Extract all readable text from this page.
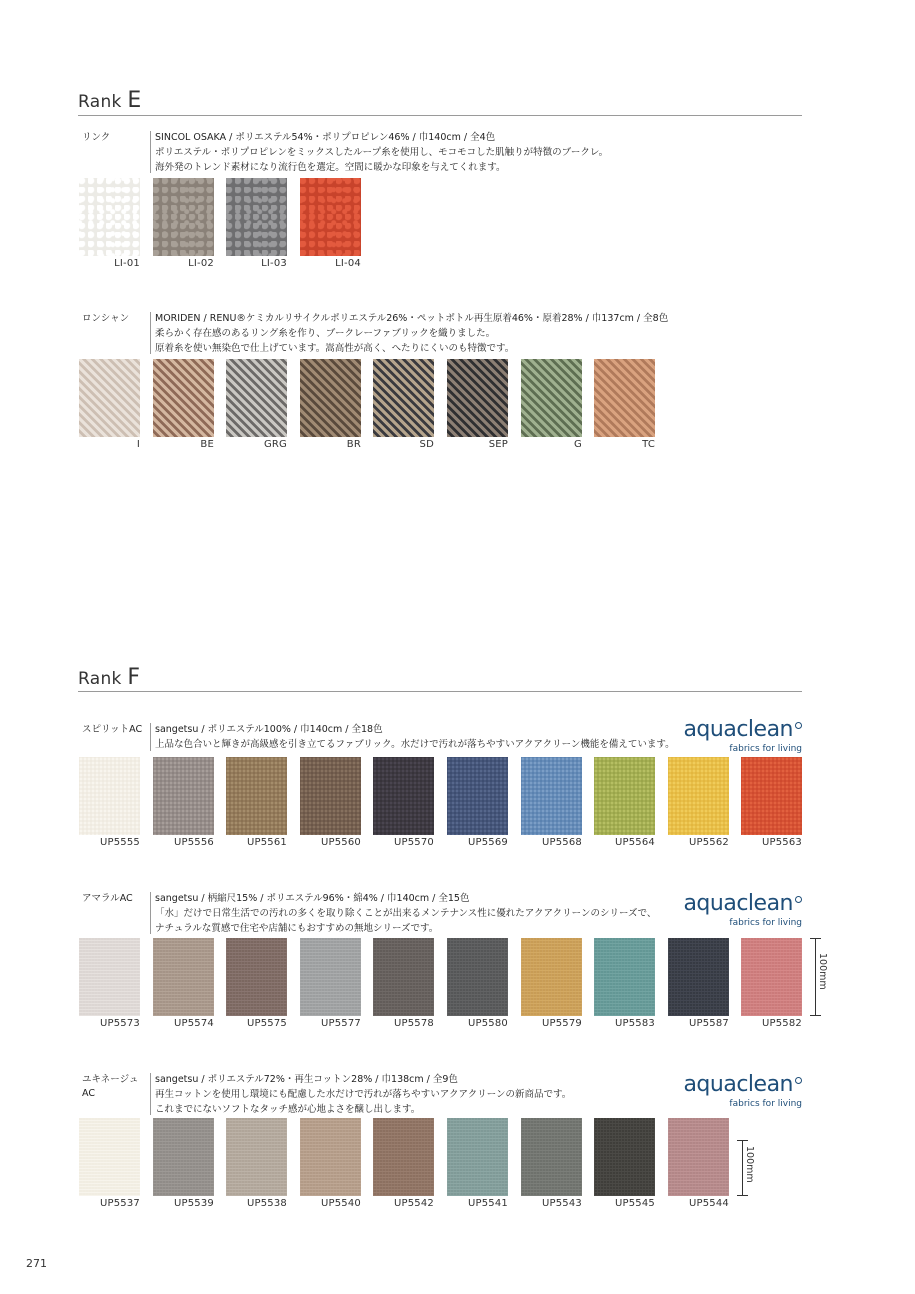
Rank E
リンク	SINCOL OSAKA / ポリエステル54%・ポリプロピレン46% / 巾140cm / 全4色
ポリエステル・ポリプロピレンをミックスしたループ糸を使用し、モコモコした肌触りが特徴のブークレ。
海外発のトレンド素材になり流行色を選定。空間に暖かな印象を与えてくれます。
LI-01	LI-02	LI-03	LI-04
ロンシャン	MORIDEN / RENU®ケミカルリサイクルポリエステル26%・ペットボトル再生原着46%・原着28% / 巾137cm / 全8色
柔らかく存在感のあるリング糸を作り、ブークレーファブリックを織りました。
原着糸を使い無染色で仕上げています。嵩高性が高く、へたりにくいのも特徴です。
I	BE	GRG	BR	SD	SEP	G	TC
Rank F
スピリットAC	sangetsu / ポリエステル100% / 巾140cm / 全18色
上品な色合いと輝きが高級感を引き立てるファブリック。水だけで汚れが落ちやすいアクアクリーン機能を備えています。
aquaclean
fabrics for living
UP5555	UP5556	UP5561	UP5560	UP5570	UP5569	UP5568	UP5564	UP5562	UP5563
アマラルAC	sangetsu / 柄縮尺15% / ポリエステル96%・綿4% / 巾140cm / 全15色
「水」だけで日常生活での汚れの多くを取り除くことが出来るメンテナンス性に優れたアクアクリーンのシリーズで、
ナチュラルな質感で住宅や店舗にもおすすめの無地シリーズです。
aquaclean
fabrics for living
UP5573	UP5574	UP5575	UP5577	UP5578	UP5580	UP5579	UP5583	UP5587	UP5582
100mm
ユキネージュ AC
sangetsu / ポリエステル72%・再生コットン28% / 巾138cm / 全9色
再生コットンを使用し環境にも配慮した水だけで汚れが落ちやすいアクアクリーンの新商品です。
これまでにないソフトなタッチ感が心地よさを醸し出します。
aquaclean
fabrics for living
UP5537	UP5539	UP5538	UP5540	UP5542	UP5541	UP5543	UP5545	UP5544
100mm
271
